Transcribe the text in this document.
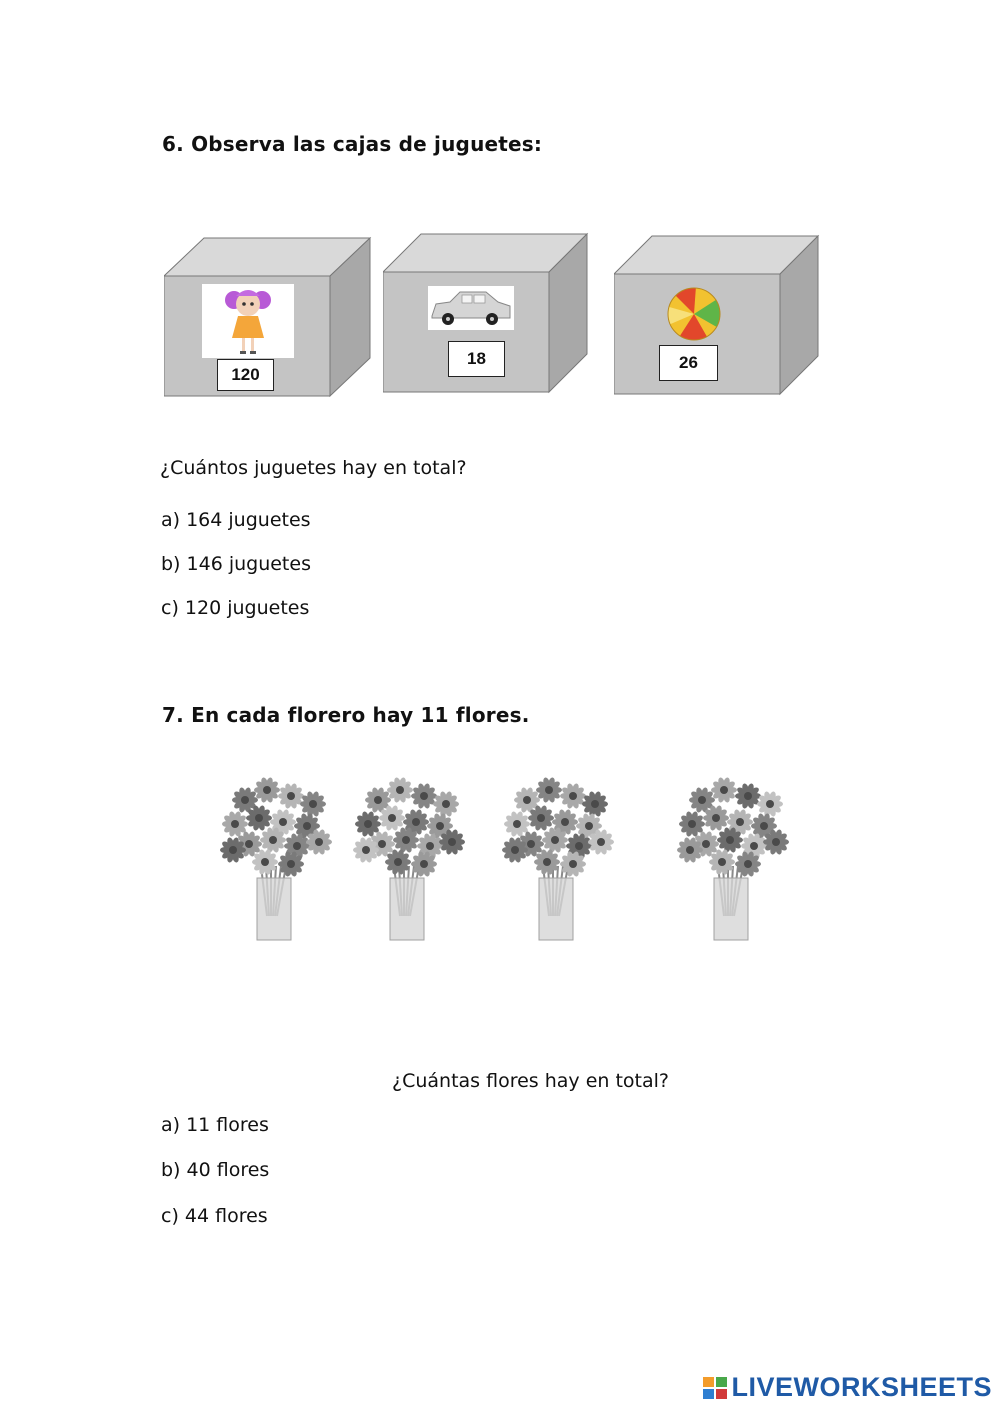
6. Observa las cajas de juguetes:
120
18	26
¿Cuántos juguetes hay en total?
a) 164 juguetes
b) 146 juguetes
c) 120 juguetes
7. En cada florero hay 11 flores.
¿Cuántas flores hay en total?
a) 11 flores
b) 40 flores
c) 44 flores
LIVEWORKSHEETS
